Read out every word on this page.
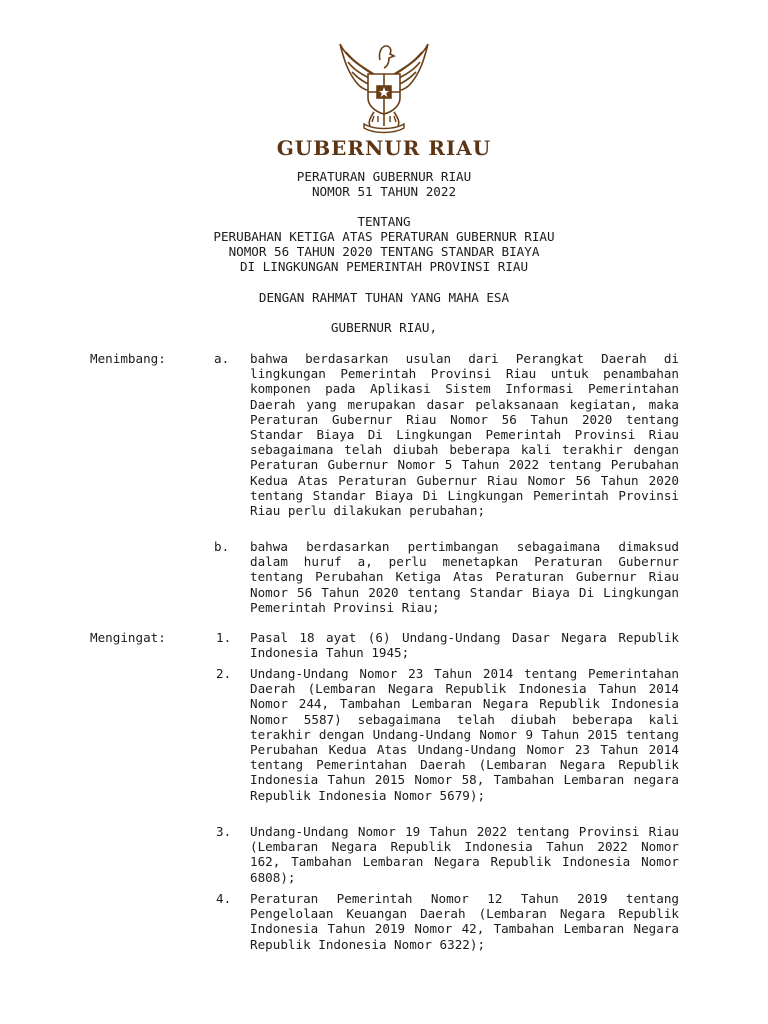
GUBERNUR RIAU
PERATURAN GUBERNUR RIAU
NOMOR 51 TAHUN 2022
TENTANG
PERUBAHAN KETIGA ATAS PERATURAN GUBERNUR RIAU
NOMOR 56 TAHUN 2020 TENTANG STANDAR BIAYA
DI LINGKUNGAN PEMERINTAH PROVINSI RIAU
DENGAN RAHMAT TUHAN YANG MAHA ESA
GUBERNUR RIAU,
Menimbang:	a. bahwa berdasarkan usulan dari Perangkat Daerah di lingkungan Pemerintah Provinsi Riau untuk penambahan komponen pada Aplikasi Sistem Informasi Pemerintahan Daerah yang merupakan dasar pelaksanaan kegiatan, maka Peraturan Gubernur Riau Nomor 56 Tahun 2020 tentang Standar Biaya Di Lingkungan Pemerintah Provinsi Riau sebagaimana telah diubah beberapa kali terakhir dengan Peraturan Gubernur Nomor 5 Tahun 2022 tentang Perubahan Kedua Atas Peraturan Gubernur Riau Nomor 56 Tahun 2020 tentang Standar Biaya Di Lingkungan Pemerintah Provinsi Riau perlu dilakukan perubahan;
b. bahwa berdasarkan pertimbangan sebagaimana dimaksud dalam huruf a, perlu menetapkan Peraturan Gubernur tentang Perubahan Ketiga Atas Peraturan Gubernur Riau Nomor 56 Tahun 2020 tentang Standar Biaya Di Lingkungan Pemerintah Provinsi Riau;
Mengingat:	1. Pasal 18 ayat (6) Undang-Undang Dasar Negara Republik Indonesia Tahun 1945;
2. Undang-Undang Nomor 23 Tahun 2014 tentang Pemerintahan Daerah (Lembaran Negara Republik Indonesia Tahun 2014 Nomor 244, Tambahan Lembaran Negara Republik Indonesia Nomor 5587) sebagaimana telah diubah beberapa kali terakhir dengan Undang-Undang Nomor 9 Tahun 2015 tentang Perubahan Kedua Atas Undang-Undang Nomor 23 Tahun 2014 tentang Pemerintahan Daerah (Lembaran Negara Republik Indonesia Tahun 2015 Nomor 58, Tambahan Lembaran negara Republik Indonesia Nomor 5679);
3. Undang-Undang Nomor 19 Tahun 2022 tentang Provinsi Riau (Lembaran Negara Republik Indonesia Tahun 2022 Nomor 162, Tambahan Lembaran Negara Republik Indonesia Nomor 6808);
4. Peraturan Pemerintah Nomor 12 Tahun 2019 tentang Pengelolaan Keuangan Daerah (Lembaran Negara Republik Indonesia Tahun 2019 Nomor 42, Tambahan Lembaran Negara Republik Indonesia Nomor 6322);
